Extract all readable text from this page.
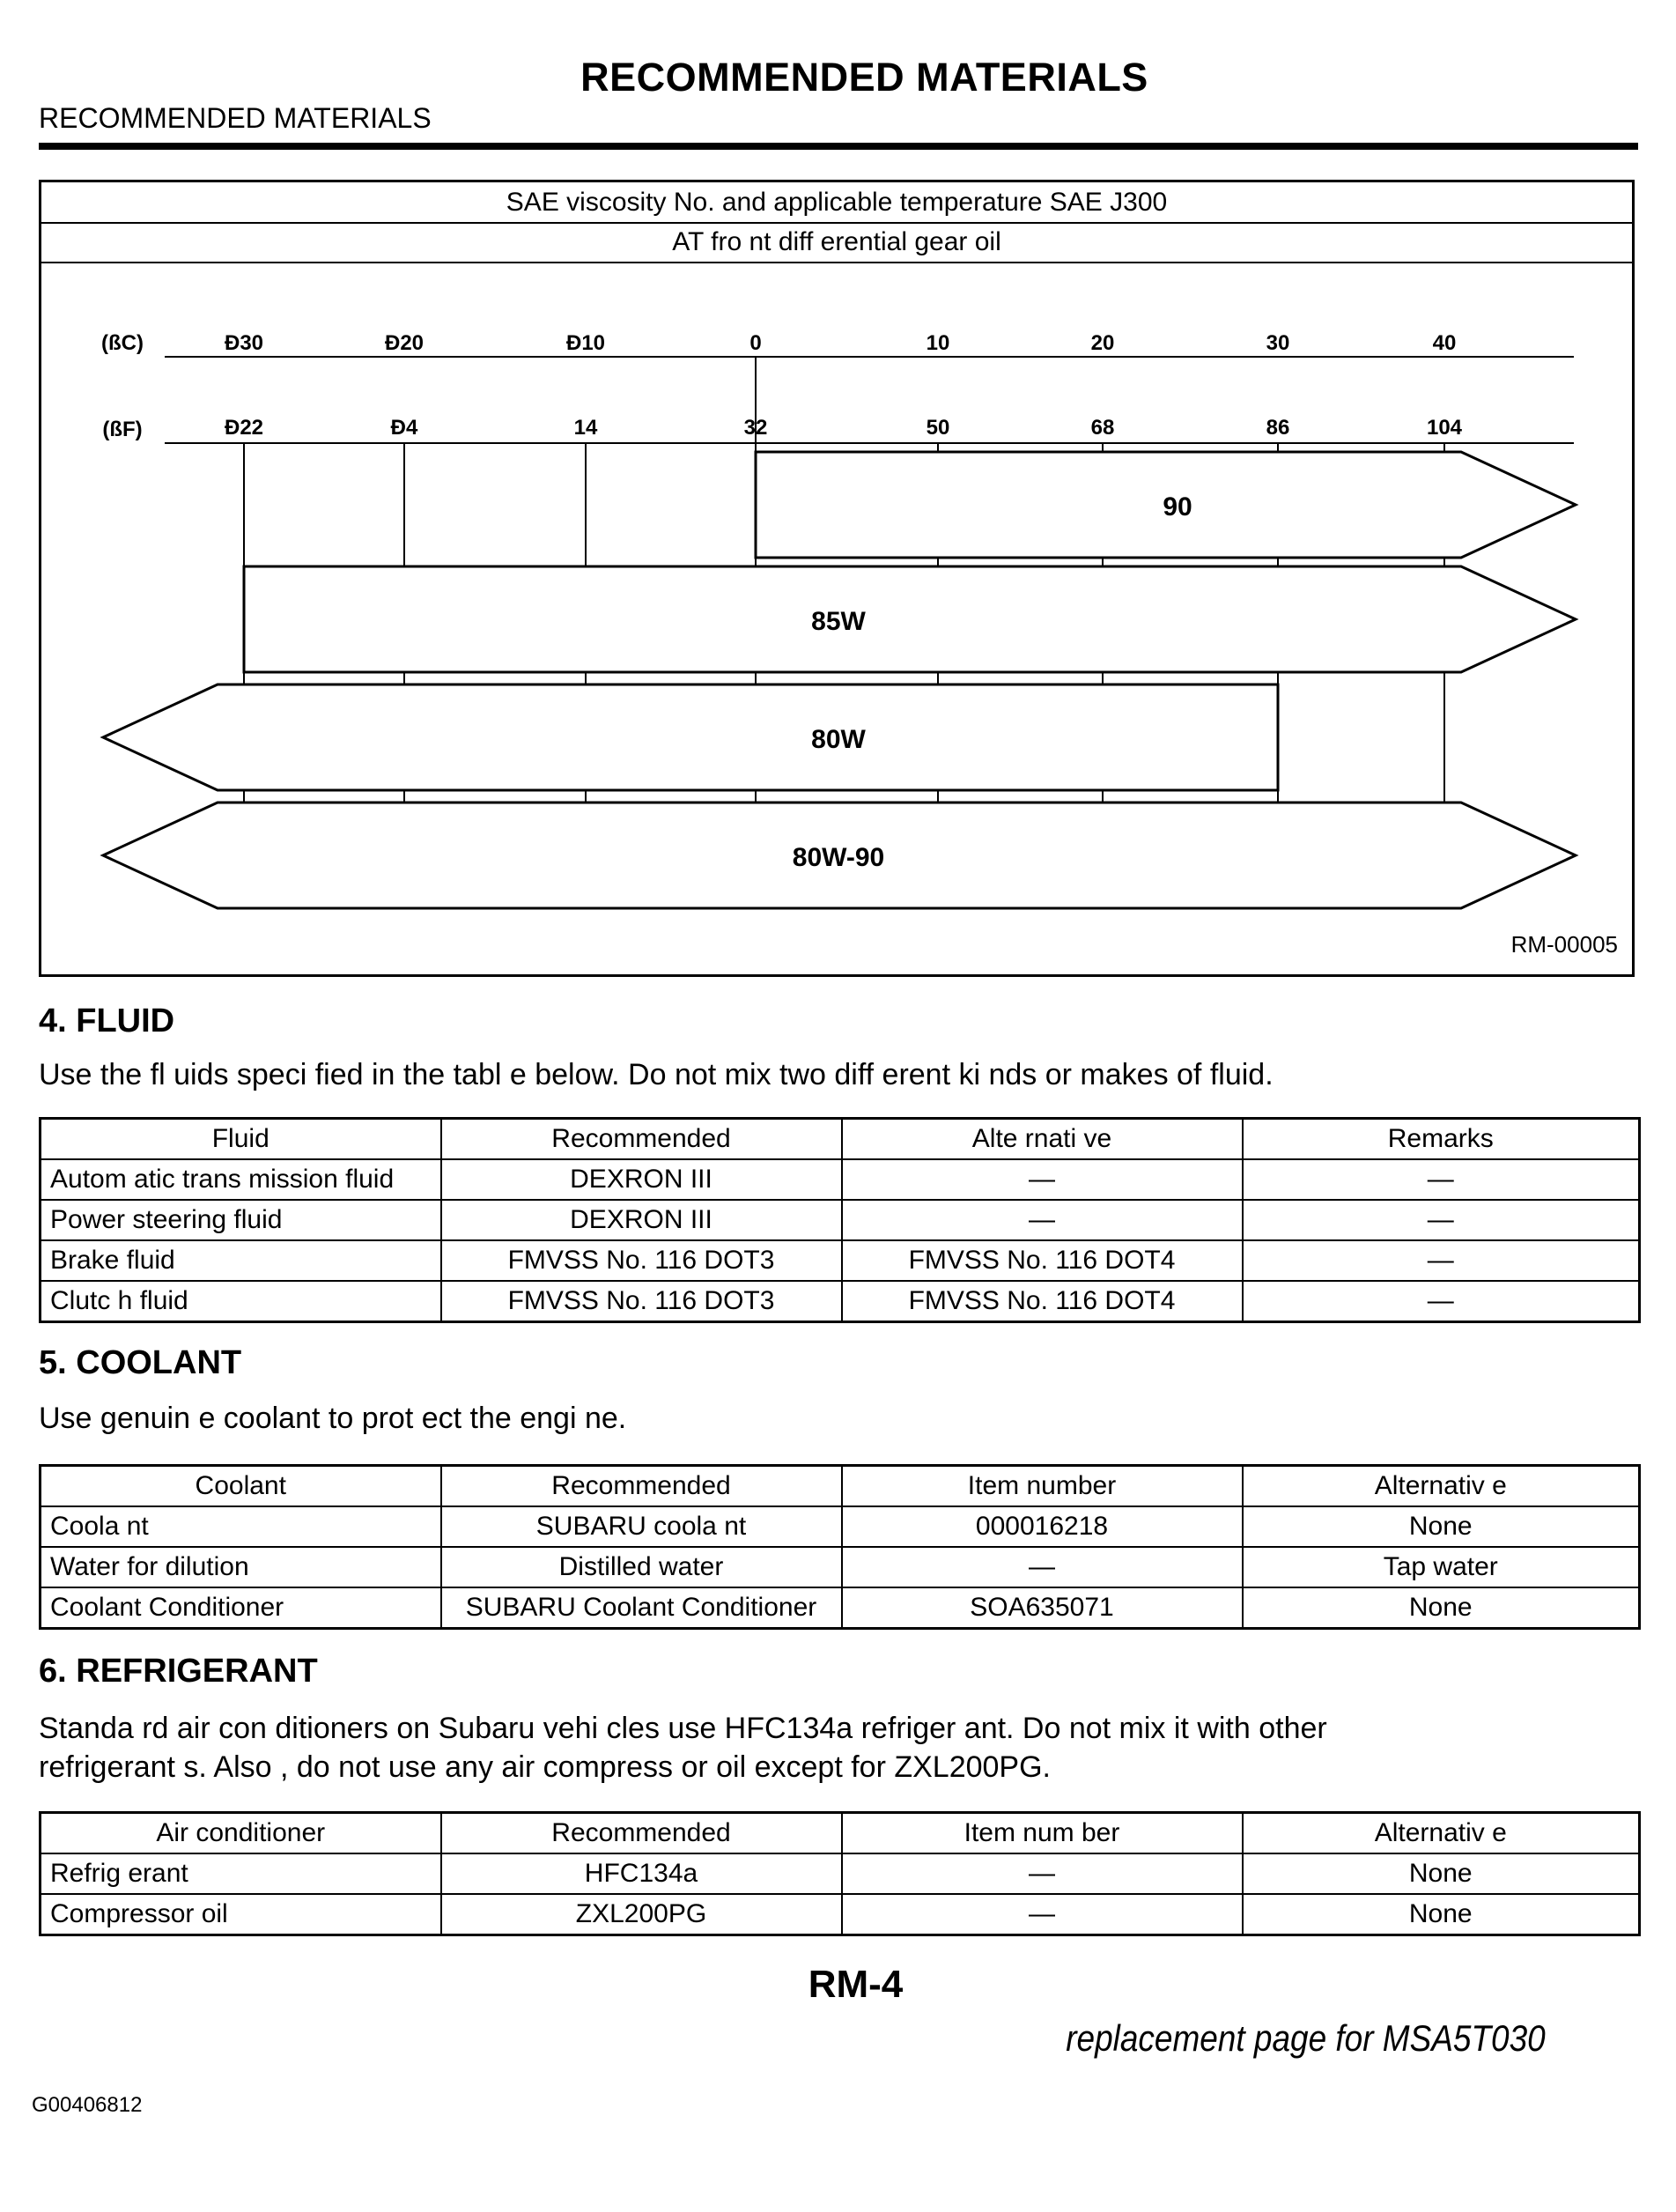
RECOMMENDED MATERIALS
RECOMMENDED MATERIALS
SAE viscosity No. and applicable temperature SAE J300
AT fro nt diff erential gear oil
(ßC)
(ßF)
Ð30	Ð20	Ð10	0	10	20	30	40
Ð22	Ð4	14	32	50	68	86	104
90
85W
80W
80W-90
RM-00005
4. FLUID

Use the fl uids speci fied in the tabl e below. Do not mix two diff erent ki nds or makes of fluid.

Fluid	Recommended	Alte rnati ve	Remarks
Autom atic trans mission fluid	DEXRON III	—	—
Power steering fluid	DEXRON III	—	—
Brake fluid	FMVSS No. 116 DOT3	FMVSS No. 116 DOT4	—
Clutc h fluid	FMVSS No. 116 DOT3	FMVSS No. 116 DOT4	—
5. COOLANT

Use genuin e coolant to prot ect the engi ne.

Coolant	Recommended	Item number	Alternativ e
Coola nt	SUBARU coola nt	000016218	None
Water for dilution	Distilled water	—	Tap water
Coolant Conditioner	SUBARU Coolant Conditioner	SOA635071	None
6. REFRIGERANT

Standa rd air con ditioners on Subaru vehi cles use HFC134a refriger ant. Do not mix it with other

refrigerant s. Also , do not use any air compress or oil except for ZXL200PG.

Air conditioner	Recommended	Item num ber	Alternativ e
Refrig erant	HFC134a	—	None
Compressor oil	ZXL200PG	—	None
RM-4
replacement page for MSA5T030
G00406812
